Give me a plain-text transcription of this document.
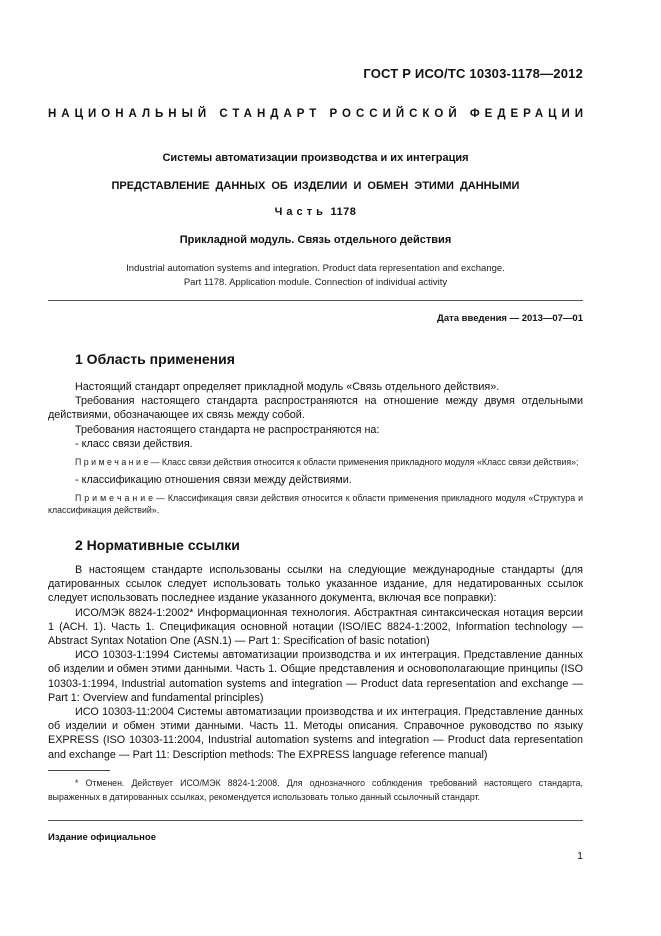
ГОСТ Р ИСО/ТС 10303-1178—2012
НАЦИОНАЛЬНЫЙ СТАНДАРТ РОССИЙСКОЙ ФЕДЕРАЦИИ
Системы автоматизации производства и их интеграция
ПРЕДСТАВЛЕНИЕ ДАННЫХ ОБ ИЗДЕЛИИ И ОБМЕН ЭТИМИ ДАННЫМИ
Ч а с т ь  1178
Прикладной модуль. Связь отдельного действия
Industrial automation systems and integration. Product data representation and exchange.
Part 1178. Application module. Connection of individual activity
Дата введения — 2013—07—01
1 Область применения

Настоящий стандарт определяет прикладной модуль «Связь отдельного действия».

Требования настоящего стандарта распространяются на отношение между двумя отдельными действиями, обозначающее их связь между собой.

Требования настоящего стандарта не распространяются на:

- класс связи действия.

П р и м е ч а н и е — Класс связи действия относится к области применения прикладного модуля «Класс связи действия»;

- классификацию отношения связи между действиями.

П р и м е ч а н и е — Классификация связи действия относится к области применения прикладного модуля «Структура и классификация действий».

2 Нормативные ссылки

В настоящем стандарте использованы ссылки на следующие международные стандарты (для датированных ссылок следует использовать только указанное издание, для недатированных ссылок следует использовать последнее издание указанного документа, включая все поправки):

ИСО/МЭК 8824-1:2002* Информационная технология. Абстрактная синтаксическая нотация версии 1 (АСН. 1). Часть 1. Спецификация основной нотации (ISO/IEC 8824-1:2002, Information technology — Abstract Syntax Notation One (ASN.1) — Part 1: Specification of basic notation)

ИСО 10303-1:1994 Системы автоматизации производства и их интеграция. Представление данных об изделии и обмен этими данными. Часть 1. Общие представления и основополагающие принципы (ISO 10303-1:1994, Industrial automation systems and integration — Product data representation and exchange — Part 1: Overview and fundamental principles)

ИСО 10303-11:2004 Системы автоматизации производства и их интеграция. Представление данных об изделии и обмен этими данными. Часть 11. Методы описания. Справочное руководство по языку EXPRESS (ISO 10303-11:2004, Industrial automation systems and integration — Product data representation and exchange — Part 11: Description methods: The EXPRESS language reference manual)

* Отменен. Действует ИСО/МЭК 8824-1:2008. Для однозначного соблюдения требований настоящего стандарта, выраженных в датированных ссылках, рекомендуется использовать только данный ссылочный стандарт.
Издание официальное
1
